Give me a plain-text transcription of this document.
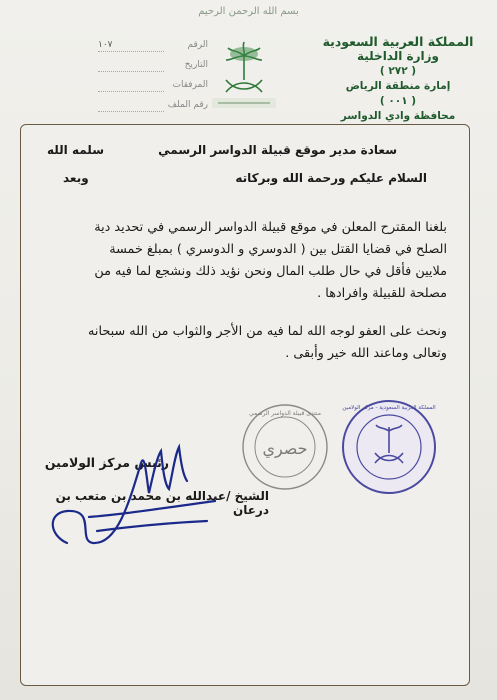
بسم الله الرحمن الرحيم
المملكة العربية السعودية
وزارة الداخلية
( ٢٧٢ )
إمارة منطقة الرياض
( ٠٠١ )
محافظة وادي الدواسر
الرقم
١٠٧
التاريخ
المرفقات
رقم الملف
سعادة مدير موقع قبيلة الدواسر الرسمي
سلمه الله
السلام عليكم ورحمة الله وبركاته
وبعد
بلغنا المقترح المعلن في موقع قبيلة الدواسر الرسمي في تحديد دية
الصلح في قضايا القتل بين ( الدوسري و الدوسري ) بمبلغ خمسة
ملايين فأقل في حال طلب المال ونحن نؤيد ذلك ونشجع لما فيه من
مصلحة للقبيلة وافرادها .
ونحث على العفو لوجه الله لما فيه من الأجر والثواب من الله سبحانه
وتعالى وماعند الله خير وأبقى .
حصري
منتدى قبيلة الدواسر الرسمي
المملكة العربية السعودية - مركز الولامين
رئيس مركز الولامين
الشيخ /عبدالله بن محمد بن متعب بن درعان
